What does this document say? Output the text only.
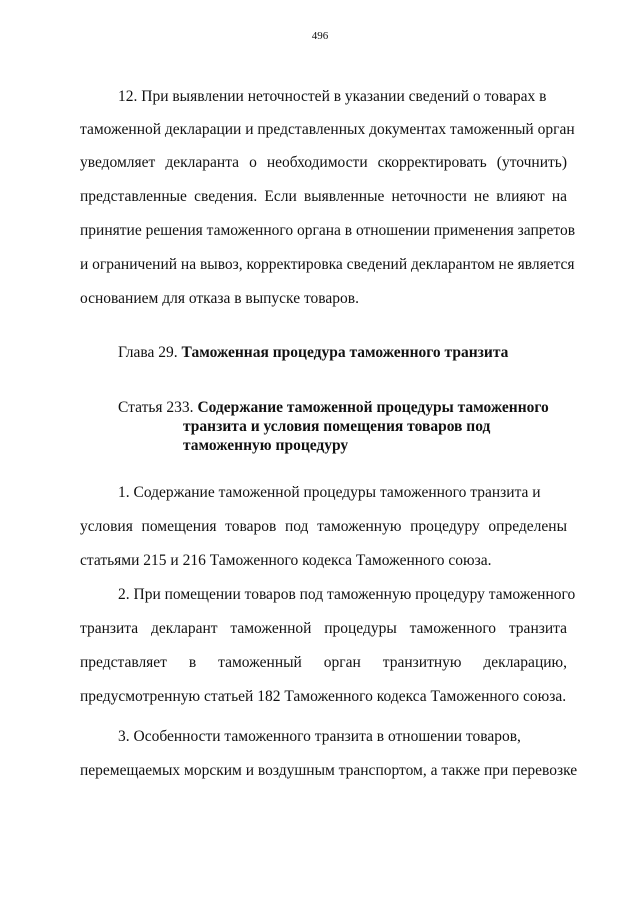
496
12. При выявлении неточностей в указании сведений о товарах в
таможенной декларации и представленных документах таможенный орган
уведомляет декларанта о необходимости скорректировать (уточнить)
представленные сведения. Если выявленные неточности не влияют на
принятие решения таможенного органа в отношении применения запретов
и ограничений на вывоз, корректировка сведений декларантом не является
основанием для отказа в выпуске товаров.
Глава 29. Таможенная процедура таможенного транзита
Статья 233. Содержание таможенной процедуры таможенного
транзита и условия помещения товаров под
таможенную процедуру
1. Содержание таможенной процедуры таможенного транзита и
условия помещения товаров под таможенную процедуру определены
статьями 215 и 216 Таможенного кодекса Таможенного союза.
2. При помещении товаров под таможенную процедуру таможенного
транзита декларант таможенной процедуры таможенного транзита
представляет в таможенный орган транзитную декларацию,
предусмотренную статьей 182 Таможенного кодекса Таможенного союза.
3. Особенности таможенного транзита в отношении товаров,
перемещаемых морским и воздушным транспортом, а также при перевозке
